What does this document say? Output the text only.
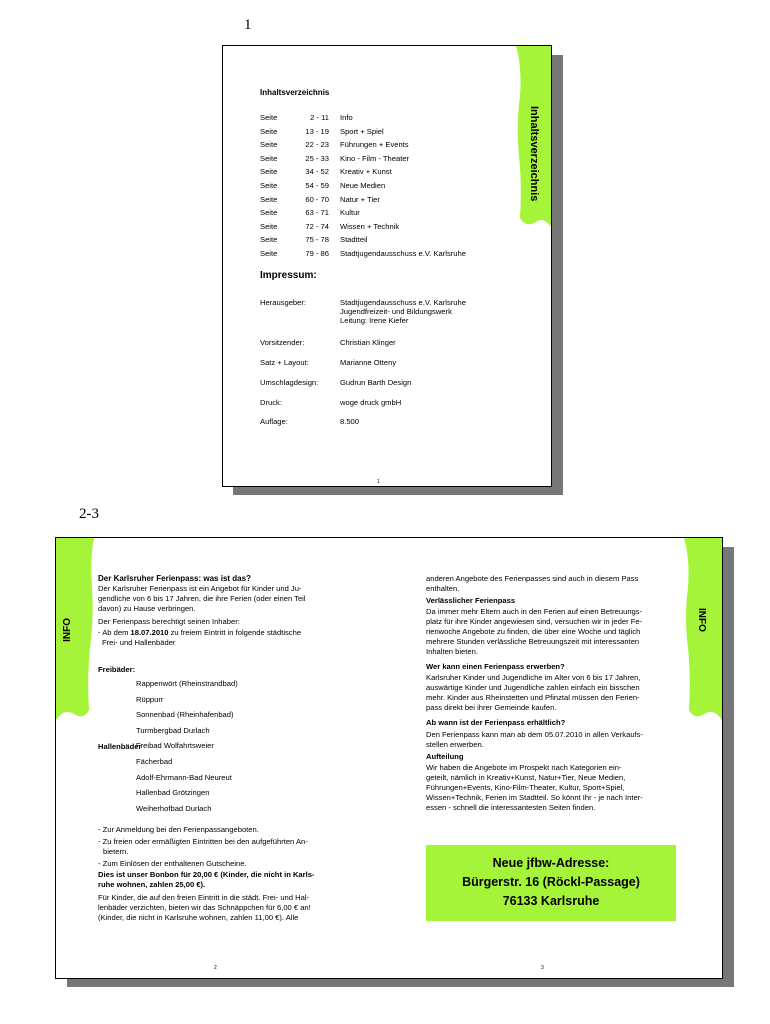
1
2-3
Inhaltsverzeichnis
Inhaltsverzeichnis
Impressum:
1
Seite	2 - 11 Info
Seite	13 - 19 Sport + Spiel
Seite	22 - 23 Führungen + Events
Seite	25 - 33 Kino - Film - Theater
Seite	34 - 52 Kreativ + Kunst
Seite	54 - 59 Neue Medien
Seite	60 - 70 Natur + Tier
Seite	63 - 71 Kultur
Seite	72 - 74 Wissen + Technik
Seite	75 - 78 Stadtteil
Seite	79 - 86 Stadtjugendausschuss e.V. Karlsruhe
Herausgeber:	Stadtjugendausschuss e.V. Karlsruhe
Jugendfreizeit- und Bildungswerk
Leitung: Irene Kiefer
Vorsitzender:	Christian Klinger
Satz + Layout:	Marianne Otteny
Umschlagdesign:	Gudrun Barth Design
Druck:	woge druck gmbH
Auflage:	8.500
INFO	INFO
Der Karlsruher Ferienpass: was ist das?
Der Karlsruher Ferienpass ist ein Angebot für Kinder und Ju-
gendliche von 6 bis 17 Jahren, die ihre Ferien (oder einen Teil
davon) zu Hause verbringen.
Der Ferienpass berechtigt seinen Inhaber:
- Ab dem 18.07.2010 zu freiem Eintritt in folgende städtische
Frei- und Hallenbäder
Freibäder:
Hallenbäder
- Zur Anmeldung bei den Ferienpassangeboten.
- Zu freien oder ermäßigten Eintritten bei den aufgeführten An-
bietern.
- Zum Einlösen der enthaltenen Gutscheine.
Dies ist unser Bonbon für 20,00 € (Kinder, die nicht in Karls-
ruhe wohnen, zahlen 25,00 €).
Für Kinder, die auf den freien Eintritt in die städt. Frei- und Hal-
lenbäder verzichten, bieten wir das Schnäppchen für 6,00 € an!
(Kinder, die nicht in Karlsruhe wohnen, zahlen 11,00 €). Alle
2
anderen Angebote des Ferienpasses sind auch in diesem Pass
enthalten.
Verlässlicher Ferienpass
Da immer mehr Eltern auch in den Ferien auf einen Betreuungs-
platz für ihre Kinder angewiesen sind, versuchen wir in jeder Fe-
rienwoche Angebote zu finden, die über eine Woche und täglich
mehrere Stunden verlässliche Betreuungszeit mit interessanten
Inhalten bieten.
Wer kann einen Ferienpass erwerben?
Karlsruher Kinder und Jugendliche im Alter von 6 bis 17 Jahren,
auswärtige Kinder und Jugendliche zahlen einfach ein bisschen
mehr. Kinder aus Rheinstetten und Pfinztal müssen den Ferien-
pass direkt bei ihrer Gemeinde kaufen.
Ab wann ist der Ferienpass erhältlich?
Den Ferienpass kann man ab dem 05.07.2010 in allen Verkaufs-
stellen erwerben.
Aufteilung
Wir haben die Angebote im Prospekt nach Kategorien ein-
geteilt, nämlich in Kreativ+Kunst, Natur+Tier, Neue Medien,
Führungen+Events, Kino-Film-Theater, Kultur, Sport+Spiel,
Wissen+Technik, Ferien im Stadtteil. So könnt Ihr - je nach Inter-
essen - schnell die interessantesten Seiten finden.
Neue jfbw-Adresse:
Bürgerstr. 16 (Röckl-Passage)
76133 Karlsruhe
3
Rappenwört (Rheinstrandbad)
Rüppurr
Sonnenbad (Rheinhafenbad)
Turmbergbad Durlach
Freibad Wolfahrtsweier
Fächerbad
Adolf-Ehrmann-Bad Neureut
Hallenbad Grötzingen
Weiherhofbad Durlach
